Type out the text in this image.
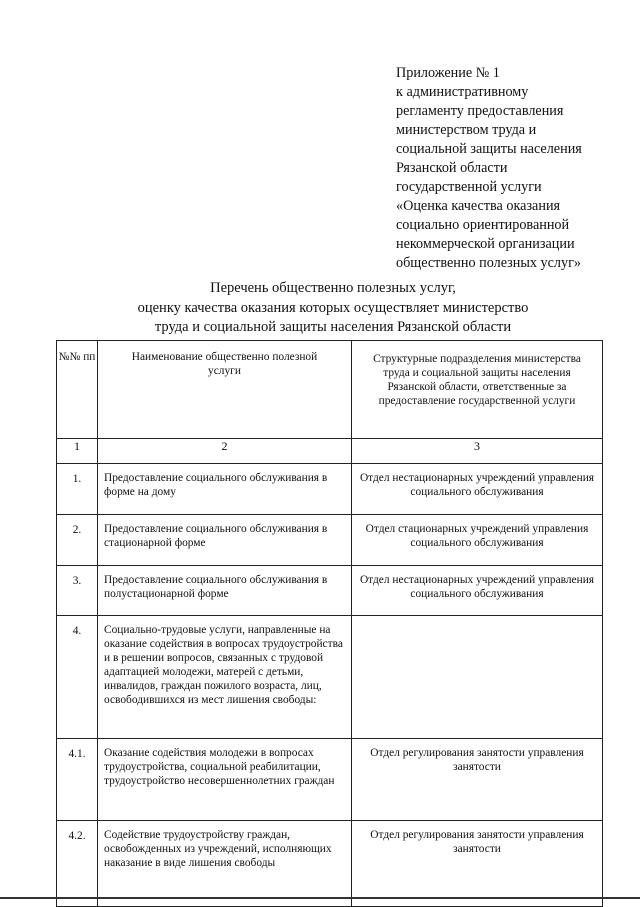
Приложение № 1
к административному
регламенту предоставления
министерством труда и
социальной защиты населения
Рязанской области
государственной услуги
«Оценка качества оказания
социально ориентированной
некоммерческой организации
общественно полезных услуг»
Перечень общественно полезных услуг,
оценку качества оказания которых осуществляет министерство
труда и социальной защиты населения Рязанской области
№№ пп	Наименование общественно полезной услуги	Структурные подразделения министерства труда и социальной защиты населения Рязанской области, ответственные за предоставление государственной услуги
1	2	3
1.	Предоставление социального обслуживания в форме на дому	Отдел нестационарных учреждений управления социального обслуживания
2.	Предоставление социального обслуживания в стационарной форме	Отдел стационарных учреждений управления социального обслуживания
3.	Предоставление социального обслуживания в полустационарной форме	Отдел нестационарных учреждений управления социального обслуживания
4.	Социально-трудовые услуги, направленные на оказание содействия в вопросах трудоустройства и в решении вопросов, связанных с трудовой адаптацией молодежи, матерей с детьми, инвалидов, граждан пожилого возраста, лиц, освободившихся из мест лишения свободы:	
4.1.	Оказание содействия молодежи в вопросах трудоустройства, социальной реабилитации, трудоустройство несовершеннолетних граждан	Отдел регулирования занятости управления занятости
4.2.	Содействие трудоустройству граждан, освобожденных из учреждений, исполняющих наказание в виде лишения свободы	Отдел регулирования занятости управления занятости
